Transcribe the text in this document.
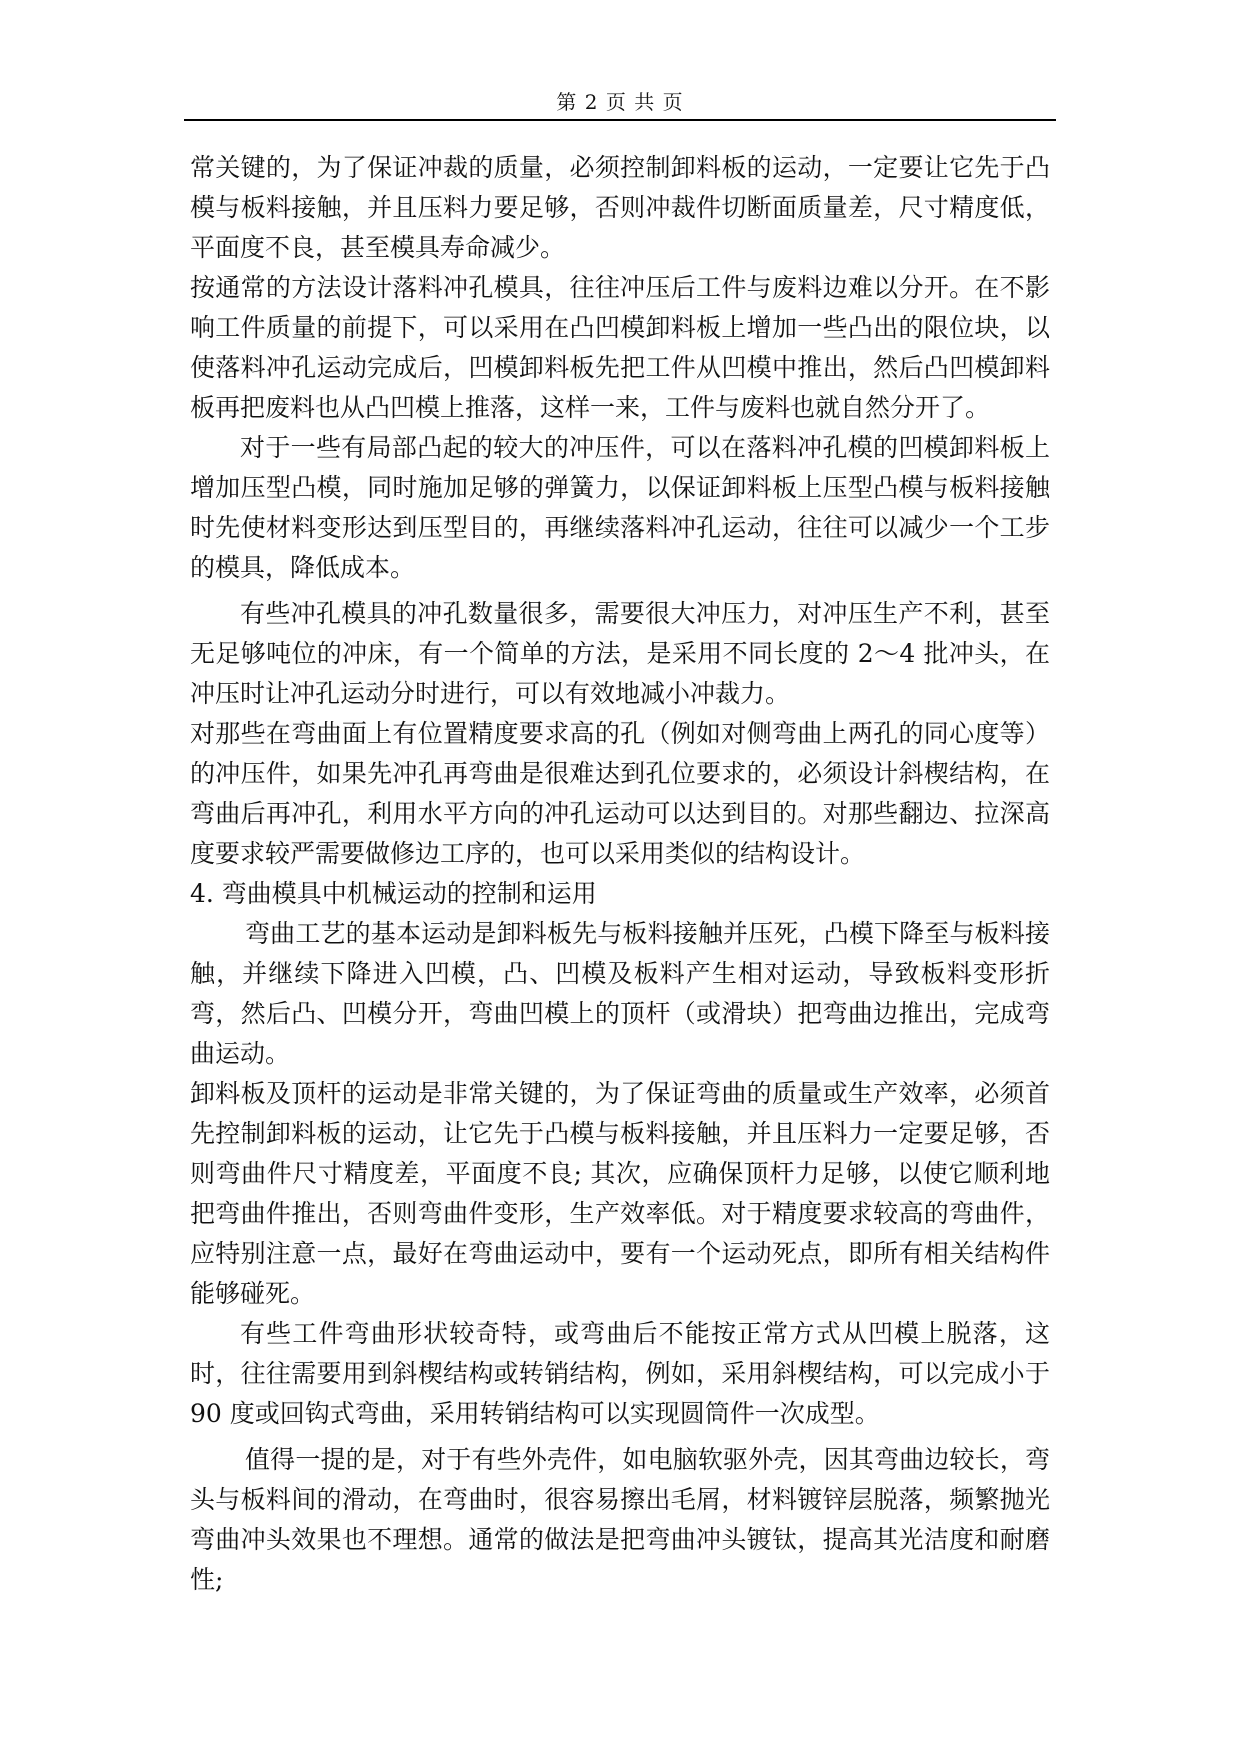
第 2 页 共 页

常关键的，为了保证冲裁的质量，必须控制卸料板的运动，一定要让它先于凸模与板料接触，并且压料力要足够，否则冲裁件切断面质量差，尺寸精度低，平面度不良，甚至模具寿命减少。

按通常的方法设计落料冲孔模具，往往冲压后工件与废料边难以分开。在不影响工件质量的前提下，可以采用在凸凹模卸料板上增加一些凸出的限位块，以使落料冲孔运动完成后，凹模卸料板先把工件从凹模中推出，然后凸凹模卸料板再把废料也从凸凹模上推落，这样一来，工件与废料也就自然分开了。

对于一些有局部凸起的较大的冲压件，可以在落料冲孔模的凹模卸料板上增加压型凸模，同时施加足够的弹簧力，以保证卸料板上压型凸模与板料接触时先使材料变形达到压型目的，再继续落料冲孔运动，往往可以减少一个工步的模具，降低成本。

有些冲孔模具的冲孔数量很多，需要很大冲压力，对冲压生产不利，甚至无足够吨位的冲床，有一个简单的方法，是采用不同长度的 2～4 批冲头，在冲压时让冲孔运动分时进行，可以有效地减小冲裁力。

对那些在弯曲面上有位置精度要求高的孔（例如对侧弯曲上两孔的同心度等）的冲压件，如果先冲孔再弯曲是很难达到孔位要求的，必须设计斜楔结构，在弯曲后再冲孔，利用水平方向的冲孔运动可以达到目的。对那些翻边、拉深高度要求较严需要做修边工序的，也可以采用类似的结构设计。

4. 弯曲模具中机械运动的控制和运用

弯曲工艺的基本运动是卸料板先与板料接触并压死，凸模下降至与板料接触，并继续下降进入凹模，凸、凹模及板料产生相对运动，导致板料变形折弯，然后凸、凹模分开，弯曲凹模上的顶杆（或滑块）把弯曲边推出，完成弯曲运动。

卸料板及顶杆的运动是非常关键的，为了保证弯曲的质量或生产效率，必须首先控制卸料板的运动，让它先于凸模与板料接触，并且压料力一定要足够，否则弯曲件尺寸精度差，平面度不良; 其次，应确保顶杆力足够，以使它顺利地把弯曲件推出，否则弯曲件变形，生产效率低。对于精度要求较高的弯曲件，应特别注意一点，最好在弯曲运动中，要有一个运动死点，即所有相关结构件能够碰死。

有些工件弯曲形状较奇特，或弯曲后不能按正常方式从凹模上脱落，这时，往往需要用到斜楔结构或转销结构，例如，采用斜楔结构，可以完成小于 90 度或回钩式弯曲，采用转销结构可以实现圆筒件一次成型。

值得一提的是，对于有些外壳件，如电脑软驱外壳，因其弯曲边较长，弯头与板料间的滑动，在弯曲时，很容易擦出毛屑，材料镀锌层脱落，频繁抛光弯曲冲头效果也不理想。通常的做法是把弯曲冲头镀钛，提高其光洁度和耐磨性;
